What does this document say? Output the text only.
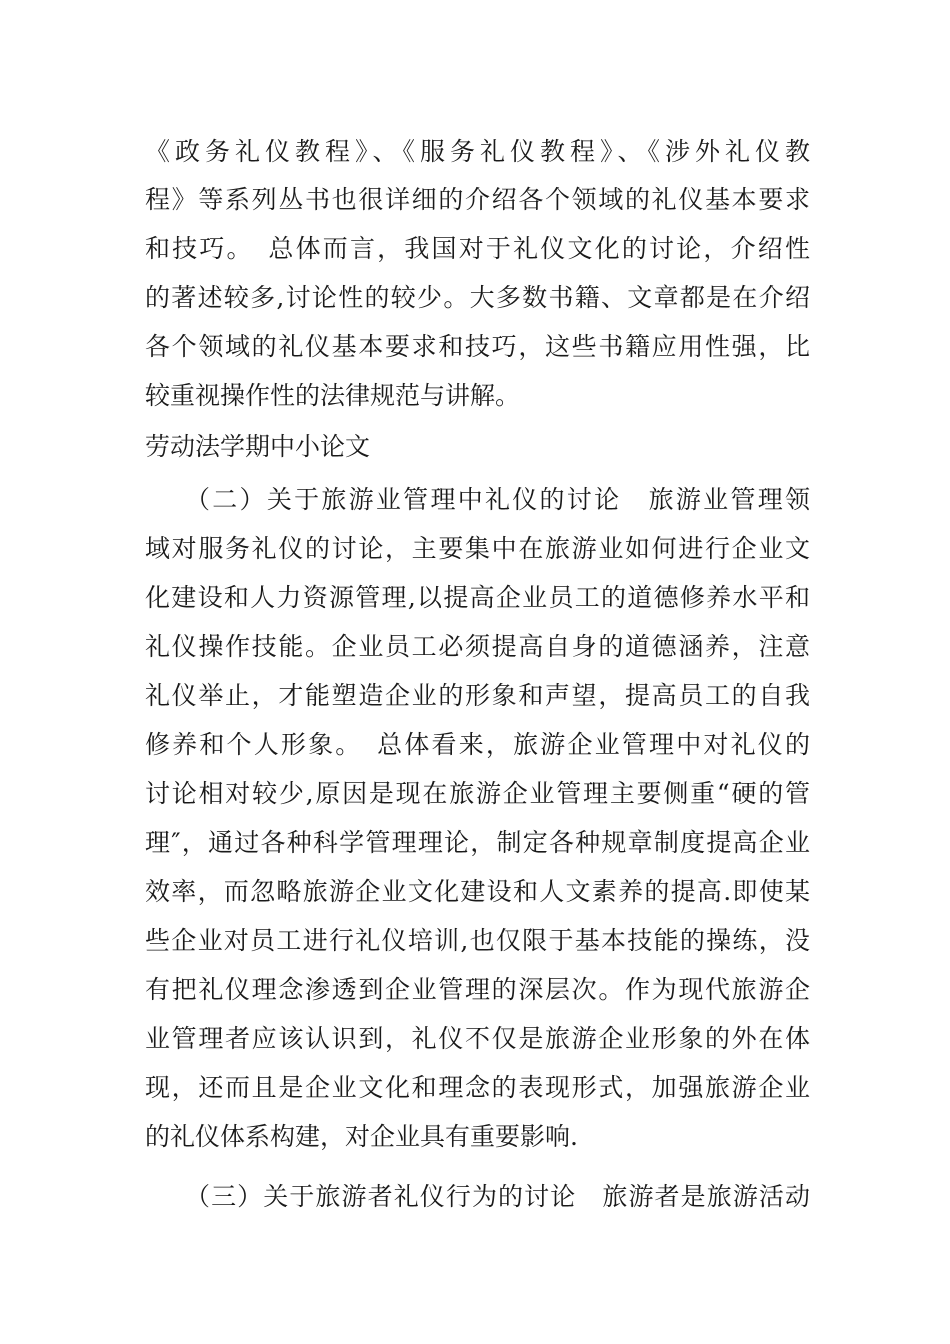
《政务礼仪教程》、《服务礼仪教程》、《涉外礼仪教
程》等系列丛书也很详细的介绍各个领域的礼仪基本要求
和技巧。　总体而言，我国对于礼仪文化的讨论，介绍性
的著述较多,讨论性的较少。大多数书籍、文章都是在介绍
各个领域的礼仪基本要求和技巧，这些书籍应用性强，比
较重视操作性的法律规范与讲解。
劳动法学期中小论文
（二）关于旅游业管理中礼仪的讨论　旅游业管理领
域对服务礼仪的讨论，主要集中在旅游业如何进行企业文
化建设和人力资源管理,以提高企业员工的道德修养水平和
礼仪操作技能。企业员工必须提高自身的道德涵养，注意
礼仪举止，才能塑造企业的形象和声望，提高员工的自我
修养和个人形象。　总体看来，旅游企业管理中对礼仪的
讨论相对较少,原因是现在旅游企业管理主要侧重“硬的管
理″，通过各种科学管理理论，制定各种规章制度提高企业
效率，而忽略旅游企业文化建设和人文素养的提高.即使某
些企业对员工进行礼仪培训,也仅限于基本技能的操练，没
有把礼仪理念渗透到企业管理的深层次。作为现代旅游企
业管理者应该认识到，礼仪不仅是旅游企业形象的外在体
现，还而且是企业文化和理念的表现形式，加强旅游企业
的礼仪体系构建，对企业具有重要影响.
（三）关于旅游者礼仪行为的讨论　旅游者是旅游活动
